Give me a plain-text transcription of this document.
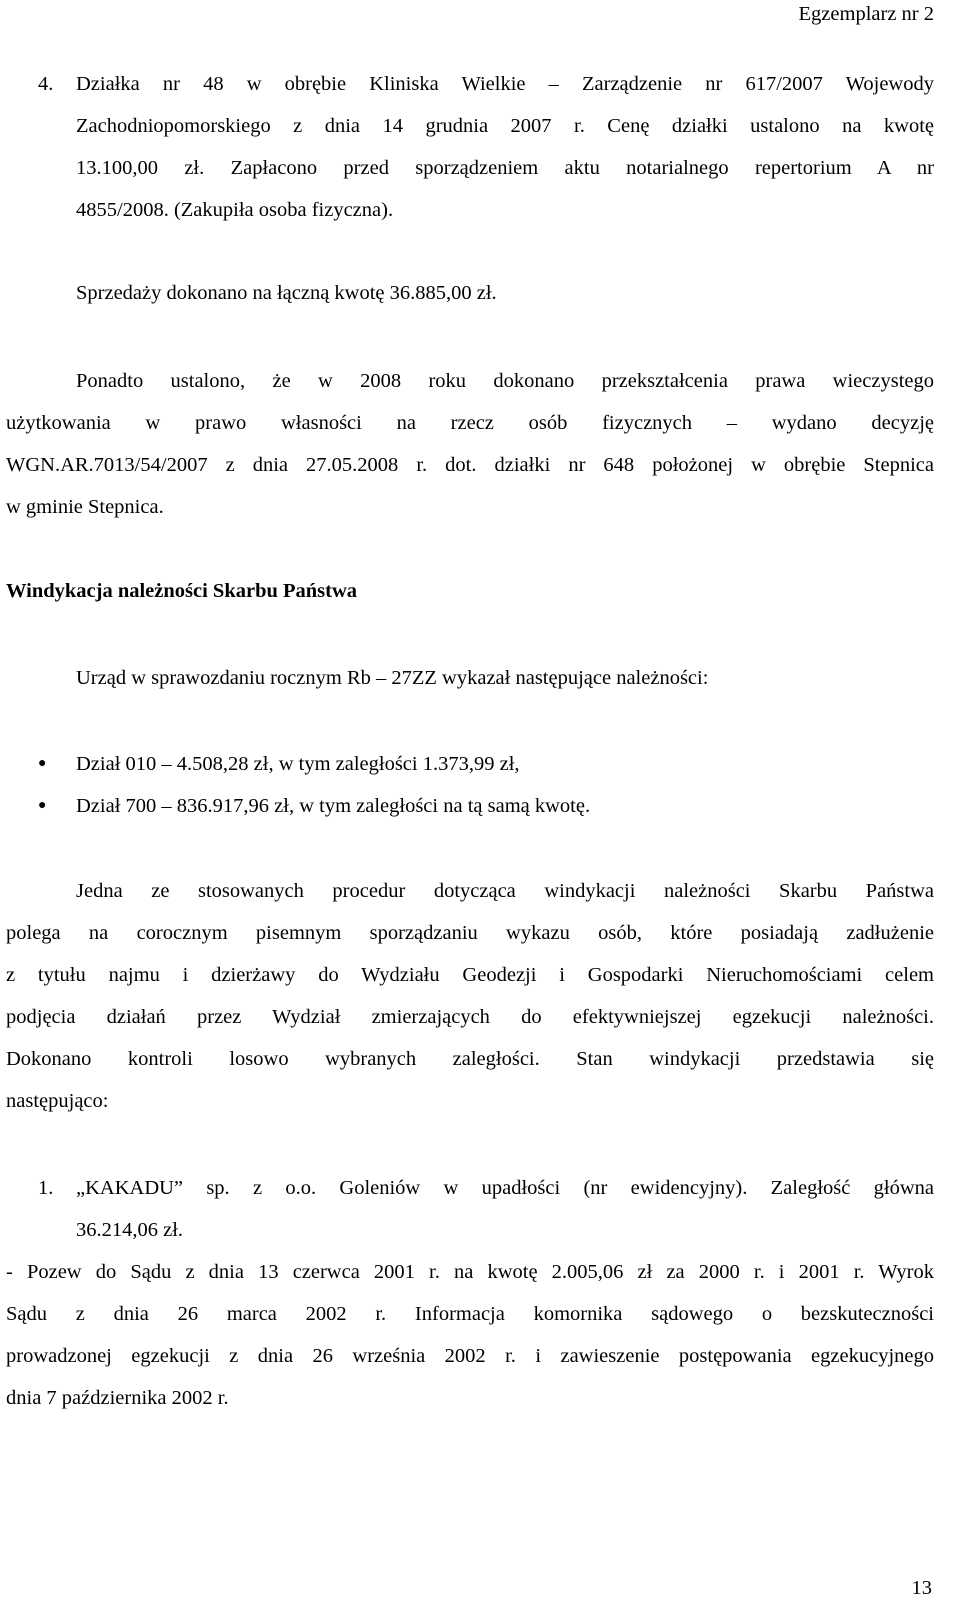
Egzemplarz nr 2
4. Działka nr 48 w obrębie Kliniska Wielkie – Zarządzenie nr 617/2007 Wojewody
Zachodniopomorskiego z dnia 14 grudnia 2007 r. Cenę działki ustalono na kwotę
13.100,00 zł. Zapłacono przed sporządzeniem aktu notarialnego repertorium A nr
4855/2008. (Zakupiła osoba fizyczna).
Sprzedaży dokonano na łączną kwotę 36.885,00 zł.
Ponadto ustalono, że w 2008 roku dokonano przekształcenia prawa wieczystego
użytkowania w prawo własności na rzecz osób fizycznych – wydano decyzję
WGN.AR.7013/54/2007 z dnia 27.05.2008 r. dot. działki nr 648 położonej w obrębie Stepnica
w gminie Stepnica.
Windykacja należności Skarbu Państwa
Urząd w sprawozdaniu rocznym Rb – 27ZZ wykazał następujące należności:
● Dział 010 – 4.508,28 zł, w tym zaległości 1.373,99 zł,
● Dział 700 – 836.917,96 zł, w tym zaległości na tą samą kwotę.
Jedna ze stosowanych procedur dotycząca windykacji należności Skarbu Państwa
polega na corocznym pisemnym sporządzaniu wykazu osób, które posiadają zadłużenie
z tytułu najmu i dzierżawy do Wydziału Geodezji i Gospodarki Nieruchomościami celem
podjęcia działań przez Wydział zmierzających do efektywniejszej egzekucji należności.
Dokonano kontroli losowo wybranych zaległości. Stan windykacji przedstawia się
następująco:
1. „KAKADU” sp. z o.o. Goleniów w upadłości (nr ewidencyjny). Zaległość główna
36.214,06 zł.
- Pozew do Sądu z dnia 13 czerwca 2001 r. na kwotę 2.005,06 zł za 2000 r. i 2001 r. Wyrok
Sądu z dnia 26 marca 2002 r. Informacja komornika sądowego o bezskuteczności
prowadzonej egzekucji z dnia 26 września 2002 r. i zawieszenie postępowania egzekucyjnego
dnia 7 października 2002 r.
13
